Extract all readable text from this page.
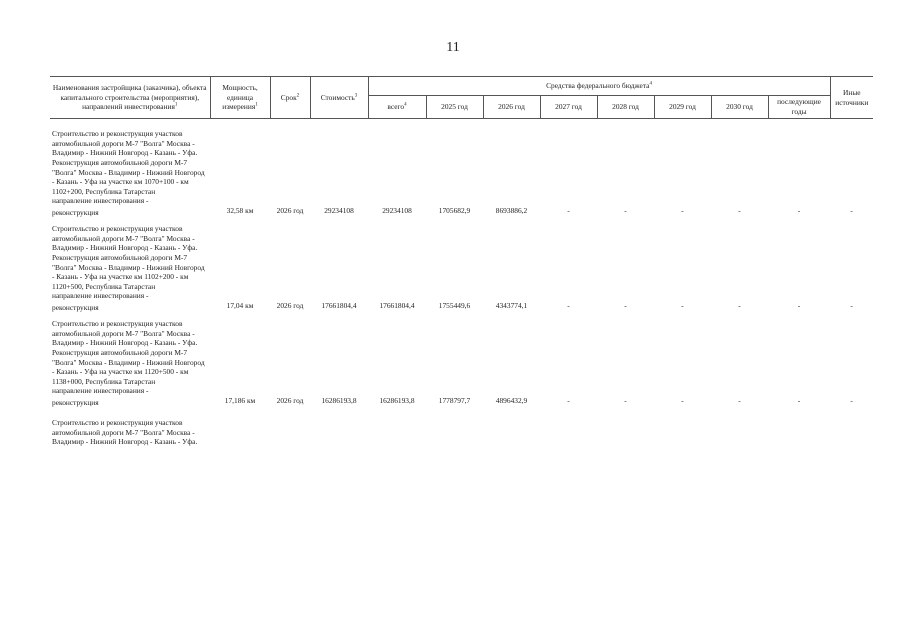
11
Наименования застройщика (заказчика), объекта капитального строительства (мероприятия), направлений инвестирования$^1$	Мощность, единица измерения$^1$	Срок$^2$	Стоимость$^3$	Средства федерального бюджета$^4$								Иные источники
				всего$^4$	2025 год	2026 год	2027 год	2028 год	2029 год	2030 год	последующие годы	

Строительство и реконструкция участков автомобильной дороги М-7 "Волга" Москва - Владимир - Нижний Новгород - Казань - Уфа. Реконструкция автомобильной дороги М-7 "Волга" Москва - Владимир - Нижний Новгород - Казань - Уфа на участке км 1070+100 - км 1102+200, Республика Татарстан												
направление инвестирования -												
реконструкция	32,58 км	2026 год	29234108	29234108	1705682,9	8693886,2	-	-	-	-	-	-
Строительство и реконструкция участков автомобильной дороги М-7 "Волга" Москва - Владимир - Нижний Новгород - Казань - Уфа. Реконструкция автомобильной дороги М-7 "Волга" Москва - Владимир - Нижний Новгород - Казань - Уфа на участке км 1102+200 - км 1120+500, Республика Татарстан												
направление инвестирования -												
реконструкция	17,04 км	2026 год	17661804,4	17661804,4	1755449,6	4343774,1	-	-	-	-	-	-
Строительство и реконструкция участков автомобильной дороги М-7 "Волга" Москва - Владимир - Нижний Новгород - Казань - Уфа. Реконструкция автомобильной дороги М-7 "Волга" Москва - Владимир - Нижний Новгород - Казань - Уфа на участке км 1120+500 - км 1138+000, Республика Татарстан												
направление инвестирования -												
реконструкция	17,186 км	2026 год	16286193,8	16286193,8	1778797,7	4896432,9	-	-	-	-	-	-
Строительство и реконструкция участков автомобильной дороги М-7 "Волга" Москва - Владимир - Нижний Новгород - Казань - Уфа.												
